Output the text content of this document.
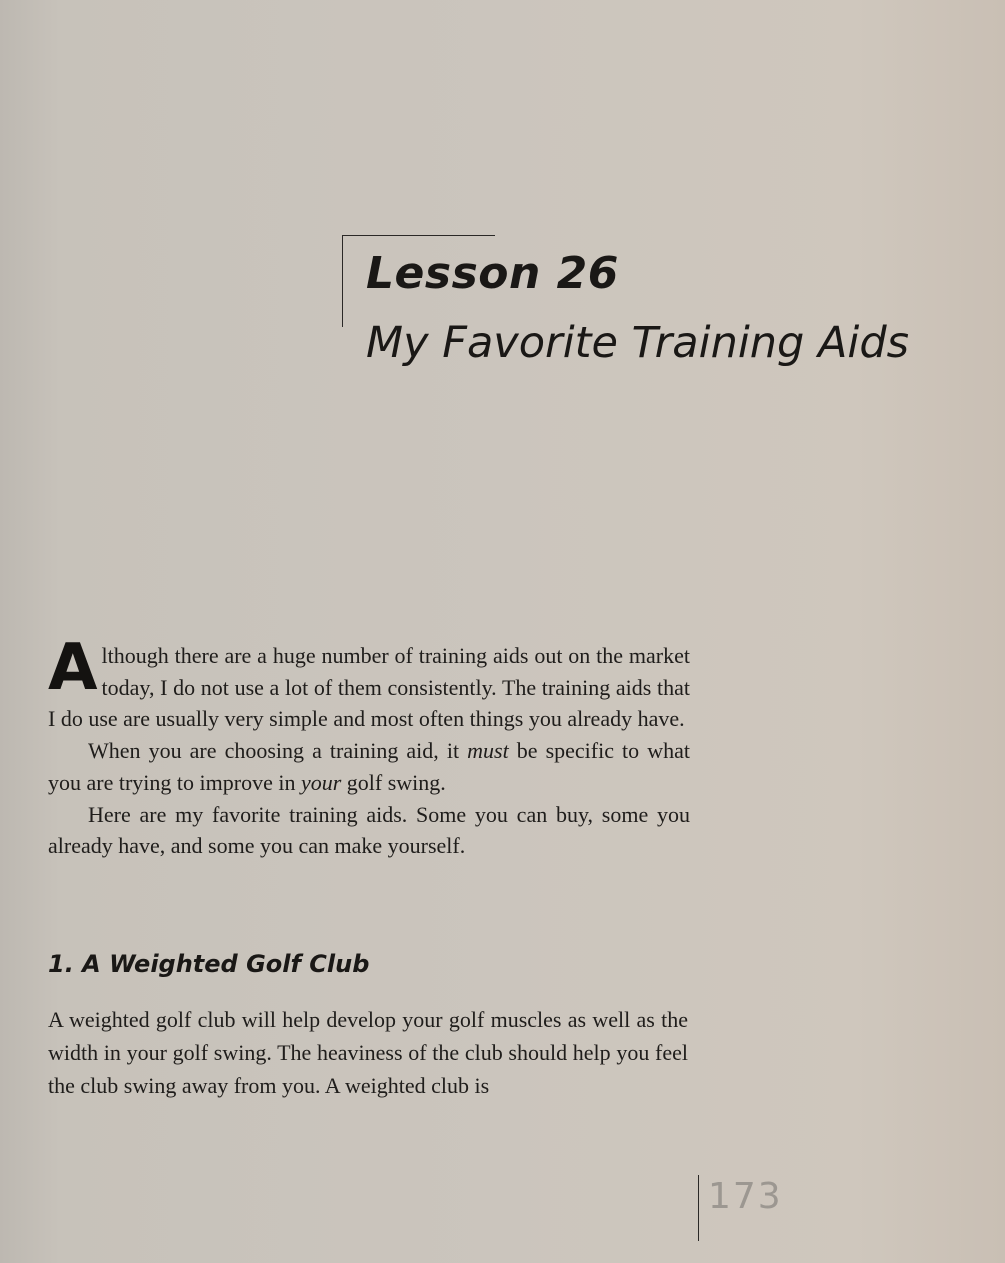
Lesson 26
My Favorite Training Aids

Although there are a huge number of training aids out on the market today, I do not use a lot of them consistently. The training aids that I do use are usually very simple and most often things you already have.

When you are choosing a training aid, it must be specific to what you are trying to improve in your golf swing.

Here are my favorite training aids. Some you can buy, some you already have, and some you can make yourself.

1. A Weighted Golf Club

A weighted golf club will help develop your golf muscles as well as the width in your golf swing. The heaviness of the club should help you feel the club swing away from you. A weighted club is

173
